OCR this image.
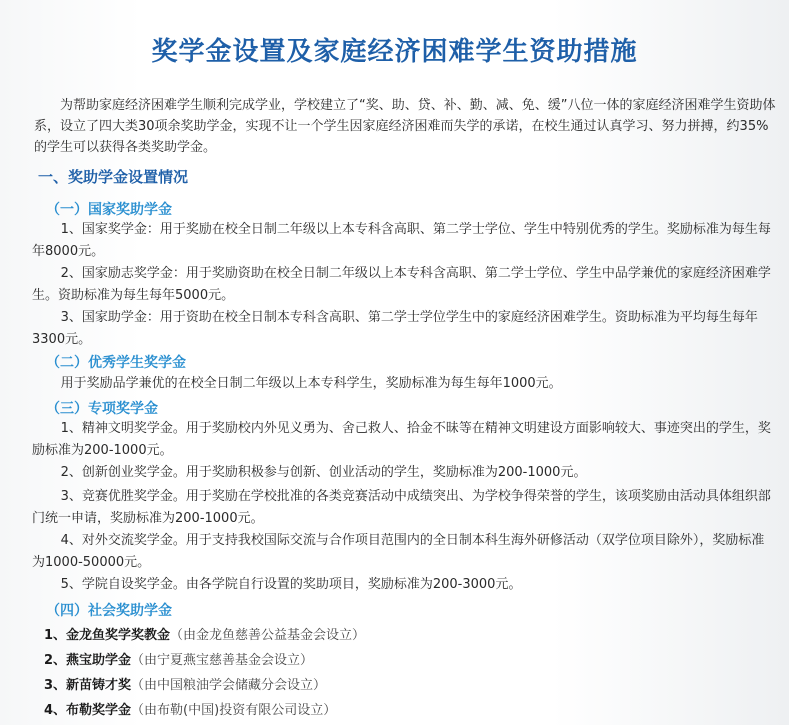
奖学金设置及家庭经济困难学生资助措施

为帮助家庭经济困难学生顺利完成学业，学校建立了“奖、助、贷、补、勤、减、免、缓”八位一体的家庭经济困难学生资助体系，设立了四大类30项余奖助学金，实现不让一个学生因家庭经济困难而失学的承诺，在校生通过认真学习、努力拼搏，约35%的学生可以获得各类奖助学金。

一、奖助学金设置情况
（一）国家奖助学金

1、国家奖学金：用于奖励在校全日制二年级以上本专科含高职、第二学士学位、学生中特别优秀的学生。奖励标准为每生每年8000元。

2、国家励志奖学金：用于奖励资助在校全日制二年级以上本专科含高职、第二学士学位、学生中品学兼优的家庭经济困难学生。资助标准为每生每年5000元。

3、国家助学金：用于资助在校全日制本专科含高职、第二学士学位学生中的家庭经济困难学生。资助标准为平均每生每年3300元。

（二）优秀学生奖学金

用于奖励品学兼优的在校全日制二年级以上本专科学生，奖励标准为每生每年1000元。

（三）专项奖学金

1、精神文明奖学金。用于奖励校内外见义勇为、舍己救人、拾金不昧等在精神文明建设方面影响较大、事迹突出的学生，奖励标准为200-1000元。

2、创新创业奖学金。用于奖励积极参与创新、创业活动的学生，奖励标准为200-1000元。

3、竞赛优胜奖学金。用于奖励在学校批准的各类竞赛活动中成绩突出、为学校争得荣誉的学生，该项奖励由活动具体组织部门统一申请，奖励标准为200-1000元。

4、对外交流奖学金。用于支持我校国际交流与合作项目范围内的全日制本科生海外研修活动（双学位项目除外），奖励标准为1000-50000元。

5、学院自设奖学金。由各学院自行设置的奖助项目，奖励标准为200-3000元。

（四）社会奖助学金

1、金龙鱼奖学奖教金（由金龙鱼慈善公益基金会设立）

2、燕宝助学金（由宁夏燕宝慈善基金会设立）

3、新苗铸才奖（由中国粮油学会储藏分会设立）

4、布勒奖学金（由布勒(中国)投资有限公司设立）
